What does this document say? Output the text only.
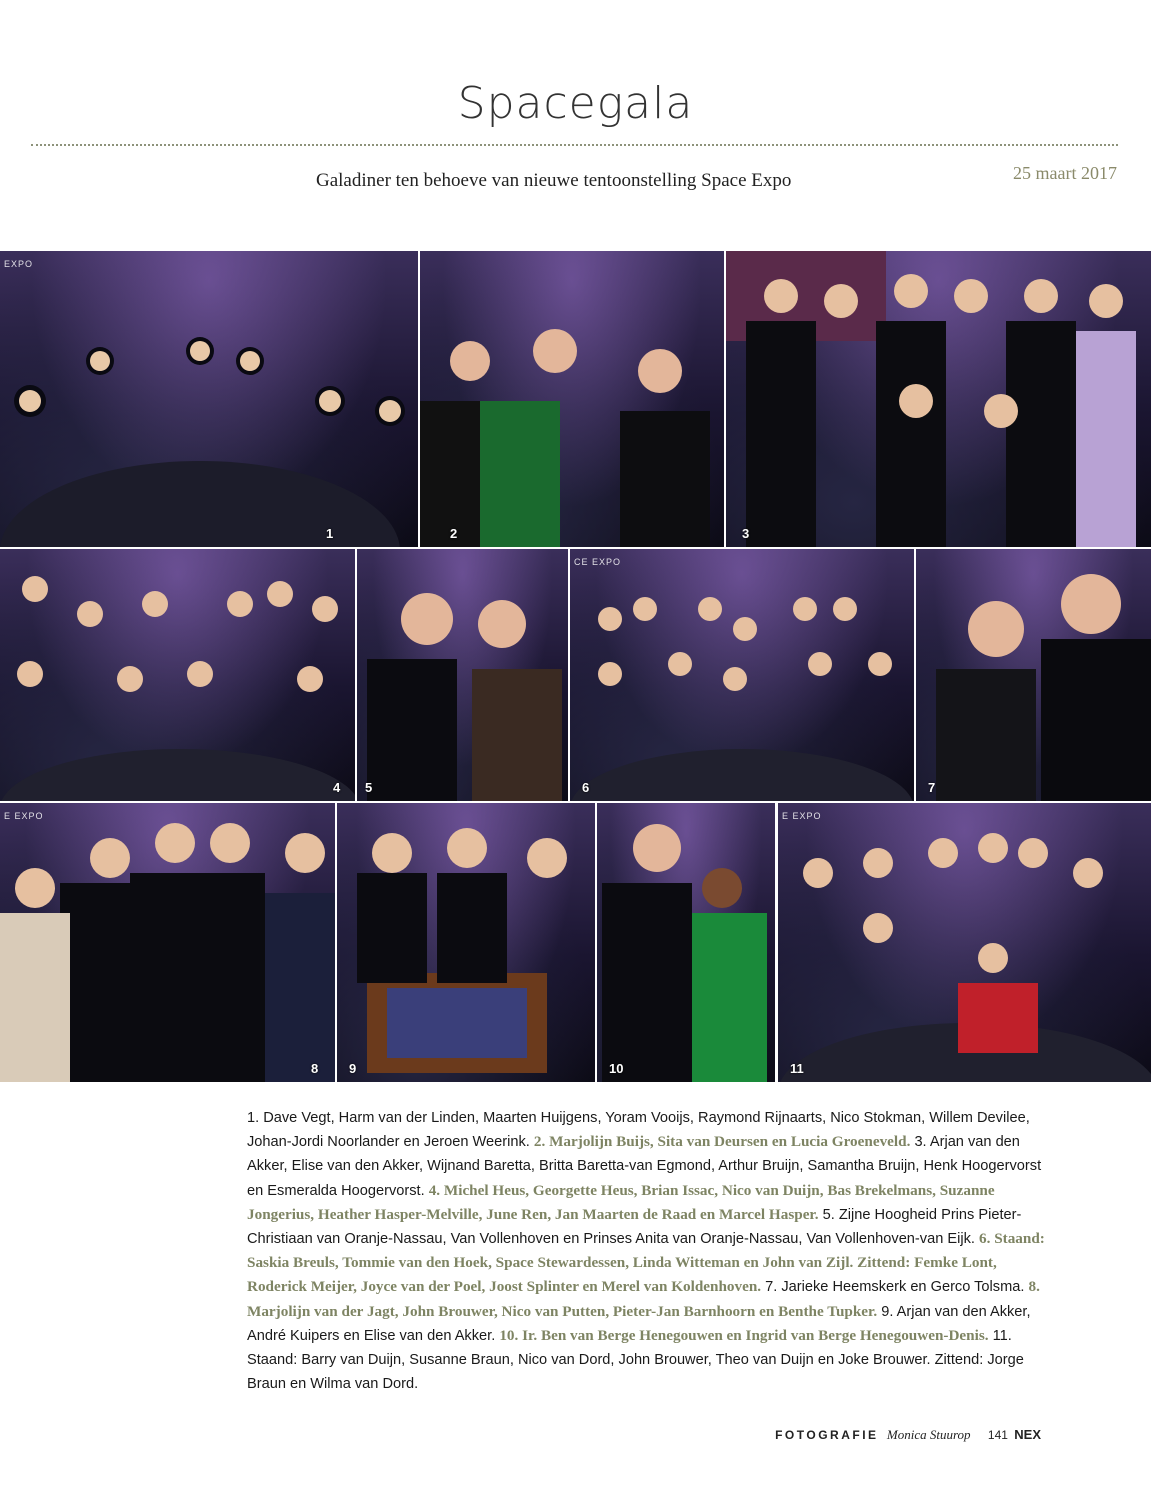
Spacegala
Galadiner ten behoeve van nieuwe tentoonstelling Space Expo	25 maart 2017
EXPO
1	2	3
4 5
CE EXPO
6	7
E EXPO
8 9	10
E EXPO
11
1. Dave Vegt, Harm van der Linden, Maarten Huijgens, Yoram Vooijs, Raymond Rijnaarts, Nico Stokman, Willem Devilee, Johan-Jordi Noorlander en Jeroen Weerink. 2. Marjolijn Buijs, Sita van Deursen en Lucia Groeneveld. 3. Arjan van den Akker, Elise van den Akker, Wijnand Baretta, Britta Baretta-van Egmond, Arthur Bruijn, Samantha Bruijn, Henk Hoogervorst en Esmeralda Hoogervorst. 4. Michel Heus, Georgette Heus, Brian Issac, Nico van Duijn, Bas Brekelmans, Suzanne Jongerius, Heather Hasper-Melville, June Ren, Jan Maarten de Raad en Marcel Hasper. 5. Zijne Hoogheid Prins Pieter-Christiaan van Oranje-Nassau, Van Vollenhoven en Prinses Anita van Oranje-Nassau, Van Vollenhoven-van Eijk. 6. Staand: Saskia Breuls, Tommie van den Hoek, Space Stewardessen, Linda Witteman en John van Zijl. Zittend: Femke Lont, Roderick Meijer, Joyce van der Poel, Joost Splinter en Merel van Koldenhoven. 7. Jarieke Heemskerk en Gerco Tolsma. 8. Marjolijn van der Jagt, John Brouwer, Nico van Putten, Pieter-Jan Barnhoorn en Benthe Tupker. 9. Arjan van den Akker, André Kuipers en Elise van den Akker. 10. Ir. Ben van Berge Henegouwen en Ingrid van Berge Henegouwen-Denis. 11. Staand: Barry van Duijn, Susanne Braun, Nico van Dord, John Brouwer, Theo van Duijn en Joke Brouwer. Zittend: Jorge Braun en Wilma van Dord.
FOTOGRAFIE Monica Stuurop 141 NEX
